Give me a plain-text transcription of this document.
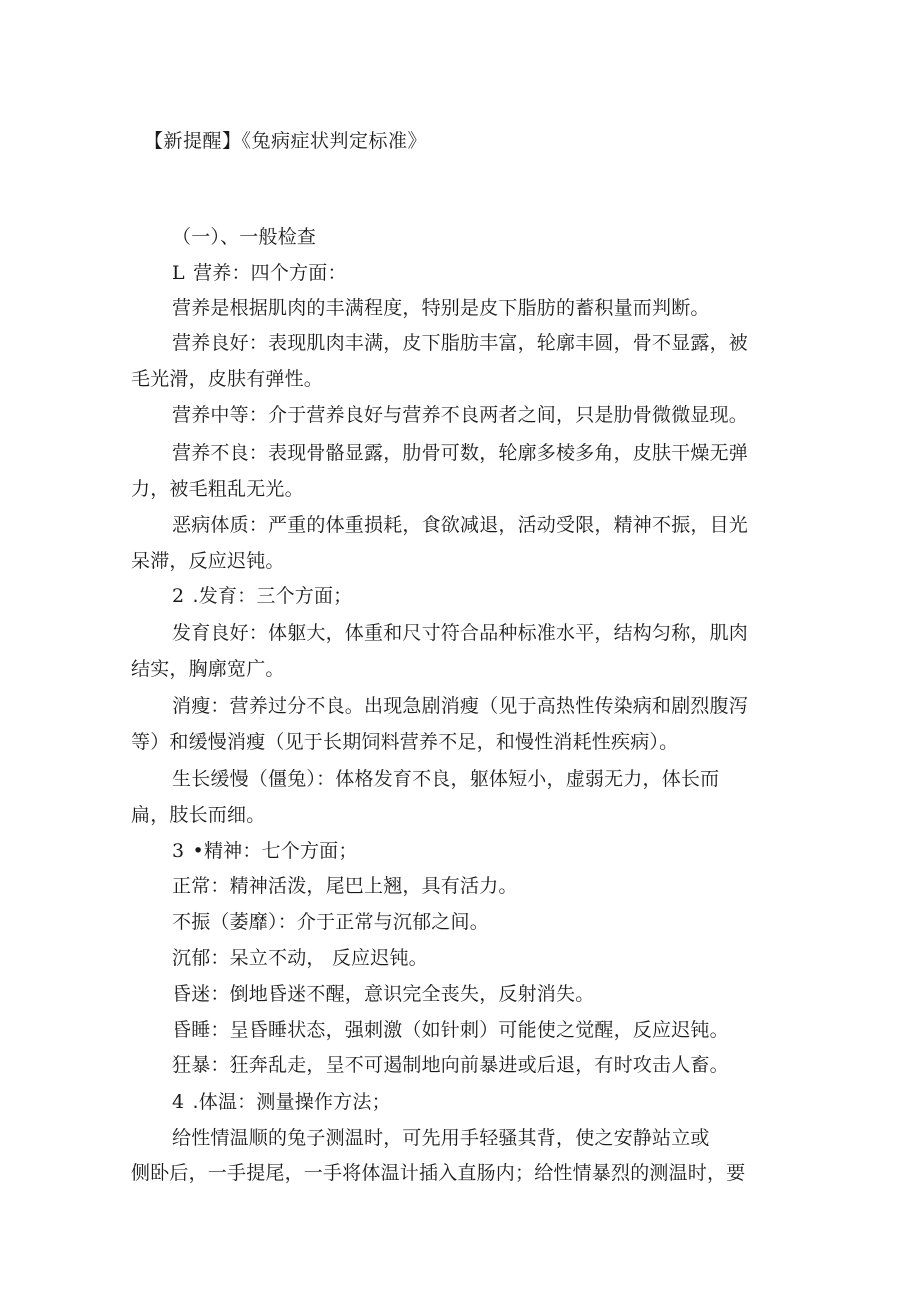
【新提醒】《兔病症状判定标准》
（一）、一般检查
L 营养：四个方面：
营养是根据肌肉的丰满程度，特别是皮下脂肪的蓄积量而判断。
营养良好：表现肌肉丰满，皮下脂肪丰富，轮廓丰圆，骨不显露，被
毛光滑，皮肤有弹性。
营养中等：介于营养良好与营养不良两者之间，只是肋骨微微显现。
营养不良：表现骨骼显露，肋骨可数，轮廓多棱多角，皮肤干燥无弹
力，被毛粗乱无光。
恶病体质：严重的体重损耗，食欲减退，活动受限，精神不振，目光
呆滞，反应迟钝。
2 .发育：三个方面；
发育良好：体躯大，体重和尺寸符合品种标准水平，结构匀称，肌肉
结实，胸廓宽广。
消瘦：营养过分不良。出现急剧消瘦（见于高热性传染病和剧烈腹泻
等）和缓慢消瘦（见于长期饲料营养不足，和慢性消耗性疾病）。
生长缓慢（僵兔）：体格发育不良，躯体短小，虚弱无力，体长而
扁，肢长而细。
3 •精神：七个方面；
正常：精神活泼，尾巴上翘，具有活力。
不振（萎靡）：介于正常与沉郁之间。
沉郁：呆立不动， 反应迟钝。
昏迷：倒地昏迷不醒，意识完全丧失，反射消失。
昏睡：呈昏睡状态，强刺激（如针刺）可能使之觉醒，反应迟钝。
狂暴：狂奔乱走，呈不可遏制地向前暴进或后退，有时攻击人畜。
4 .体温：测量操作方法；
给性情温顺的兔子测温时，可先用手轻骚其背，使之安静站立或
侧卧后，一手提尾，一手将体温计插入直肠内；给性情暴烈的测温时，要
